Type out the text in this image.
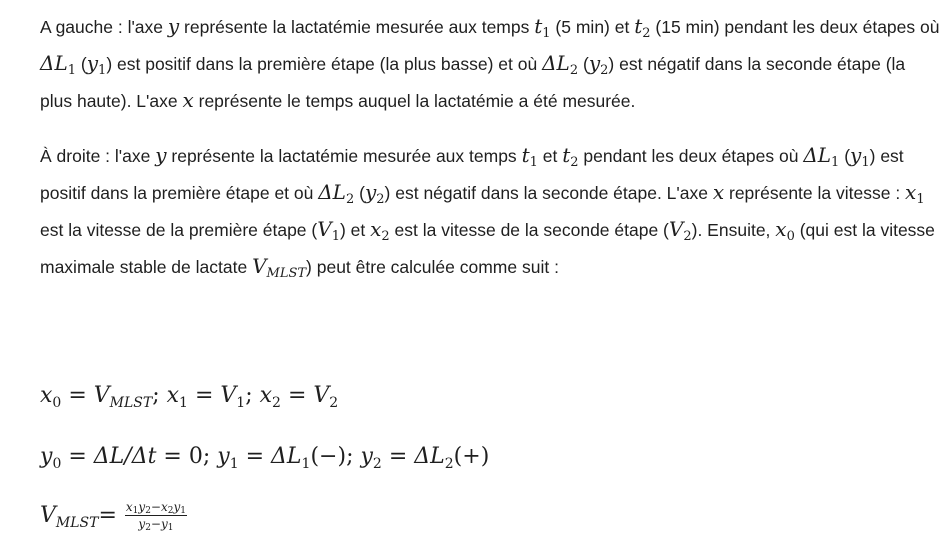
A gauche : l'axe y représente la lactatémie mesurée aux temps $t_1$ (5 min) et $t_2$ (15 min) pendant les deux étapes où $\Delta L_1$ $(y_1)$ est positif dans la première étape (la plus basse) et où $\Delta L_2$ $(y_2)$ est négatif dans la seconde étape (la plus haute). L'axe x représente le temps auquel la lactatémie a été mesurée.

À droite : l'axe y représente la lactatémie mesurée aux temps $t_1$ et $t_2$ pendant les deux étapes où $\Delta L_1$ $(y_1)$ est positif dans la première étape et où $\Delta L_2$ $(y_2)$ est négatif dans la seconde étape. L'axe x représente la vitesse : $x_1$ est la vitesse de la première étape $(V_1)$ et $x_2$ est la vitesse de la seconde étape $(V_2)$. Ensuite, $x_0$ (qui est la vitesse maximale stable de lactate $V_{MLST}$) peut être calculée comme suit :

$x_0 = V_{MLST}$; $x_1 = V_1$; $x_2 = V_2$
$y_0 = \Delta L/\Delta t = 0$; $y_1 = \Delta L_1(-)$; $y_2 = \Delta L_2(+)$
$V_{MLST} = \frac{x_1y_2-x_2y_1}{y_2-y_1}$
